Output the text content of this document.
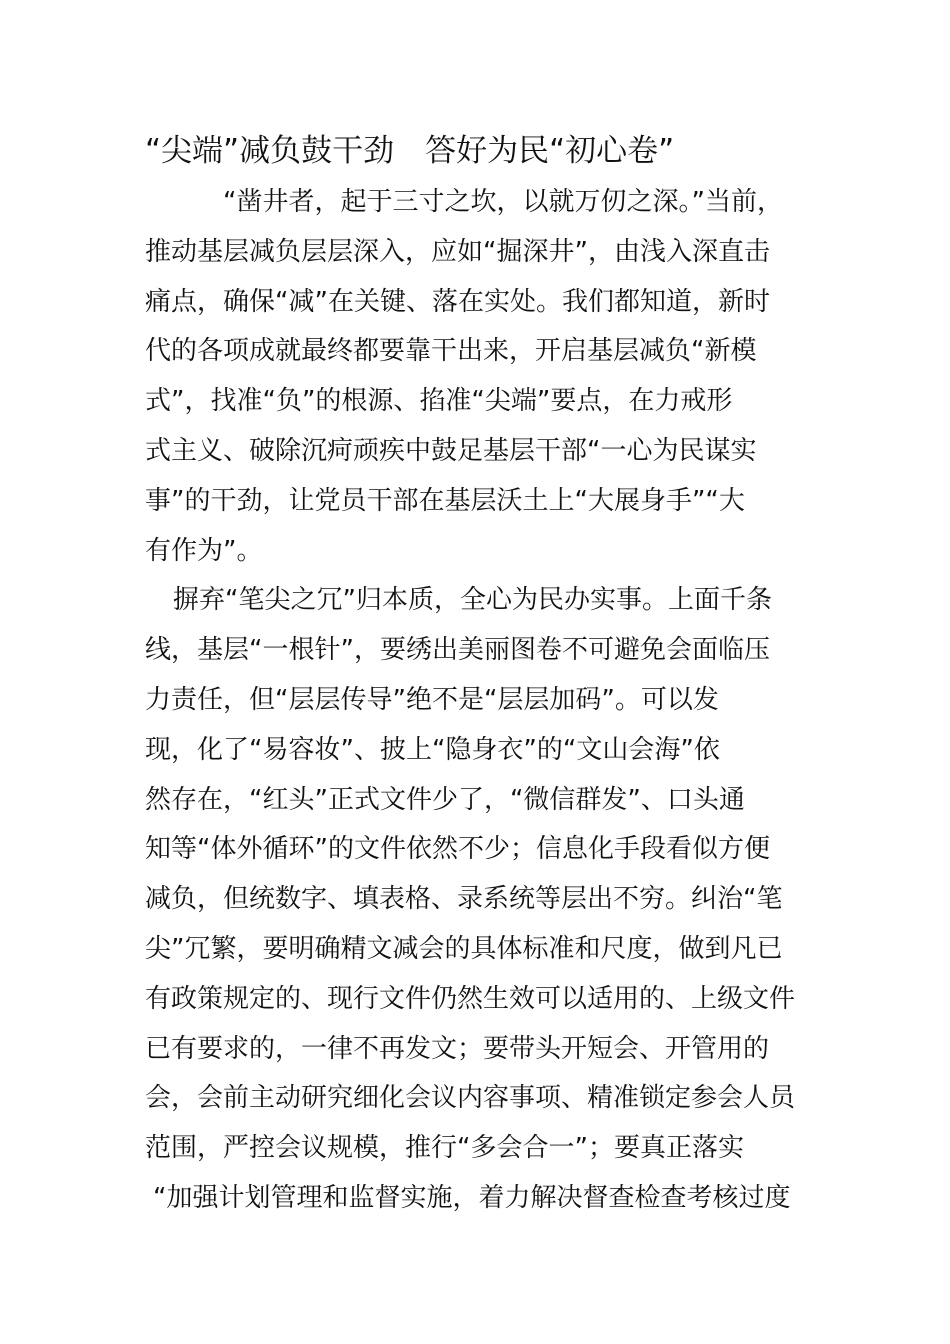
“尖端”减负鼓干劲　答好为民“初心卷”
“凿井者，起于三寸之坎，以就万仞之深。”当前，
推动基层减负层层深入，应如“掘深井”，由浅入深直击
痛点，确保“减”在关键、落在实处。我们都知道，新时
代的各项成就最终都要靠干出来，开启基层减负“新模
式”，找准“负”的根源、掐准“尖端”要点，在力戒形
式主义、破除沉疴顽疾中鼓足基层干部“一心为民谋实
事”的干劲，让党员干部在基层沃土上“大展身手”“大
有作为”。
摒弃“笔尖之冗”归本质，全心为民办实事。上面千条
线，基层“一根针”，要绣出美丽图卷不可避免会面临压
力责任，但“层层传导”绝不是“层层加码”。可以发
现，化了“易容妆”、披上“隐身衣”的“文山会海”依
然存在，“红头”正式文件少了，“微信群发”、口头通
知等“体外循环”的文件依然不少；信息化手段看似方便
减负，但统数字、填表格、录系统等层出不穷。纠治“笔
尖”冗繁，要明确精文减会的具体标准和尺度，做到凡已
有政策规定的、现行文件仍然生效可以适用的、上级文件
已有要求的，一律不再发文；要带头开短会、开管用的
会，会前主动研究细化会议内容事项、精准锁定参会人员
范围，严控会议规模，推行“多会合一”；要真正落实
“加强计划管理和监督实施，着力解决督查检查考核过度
